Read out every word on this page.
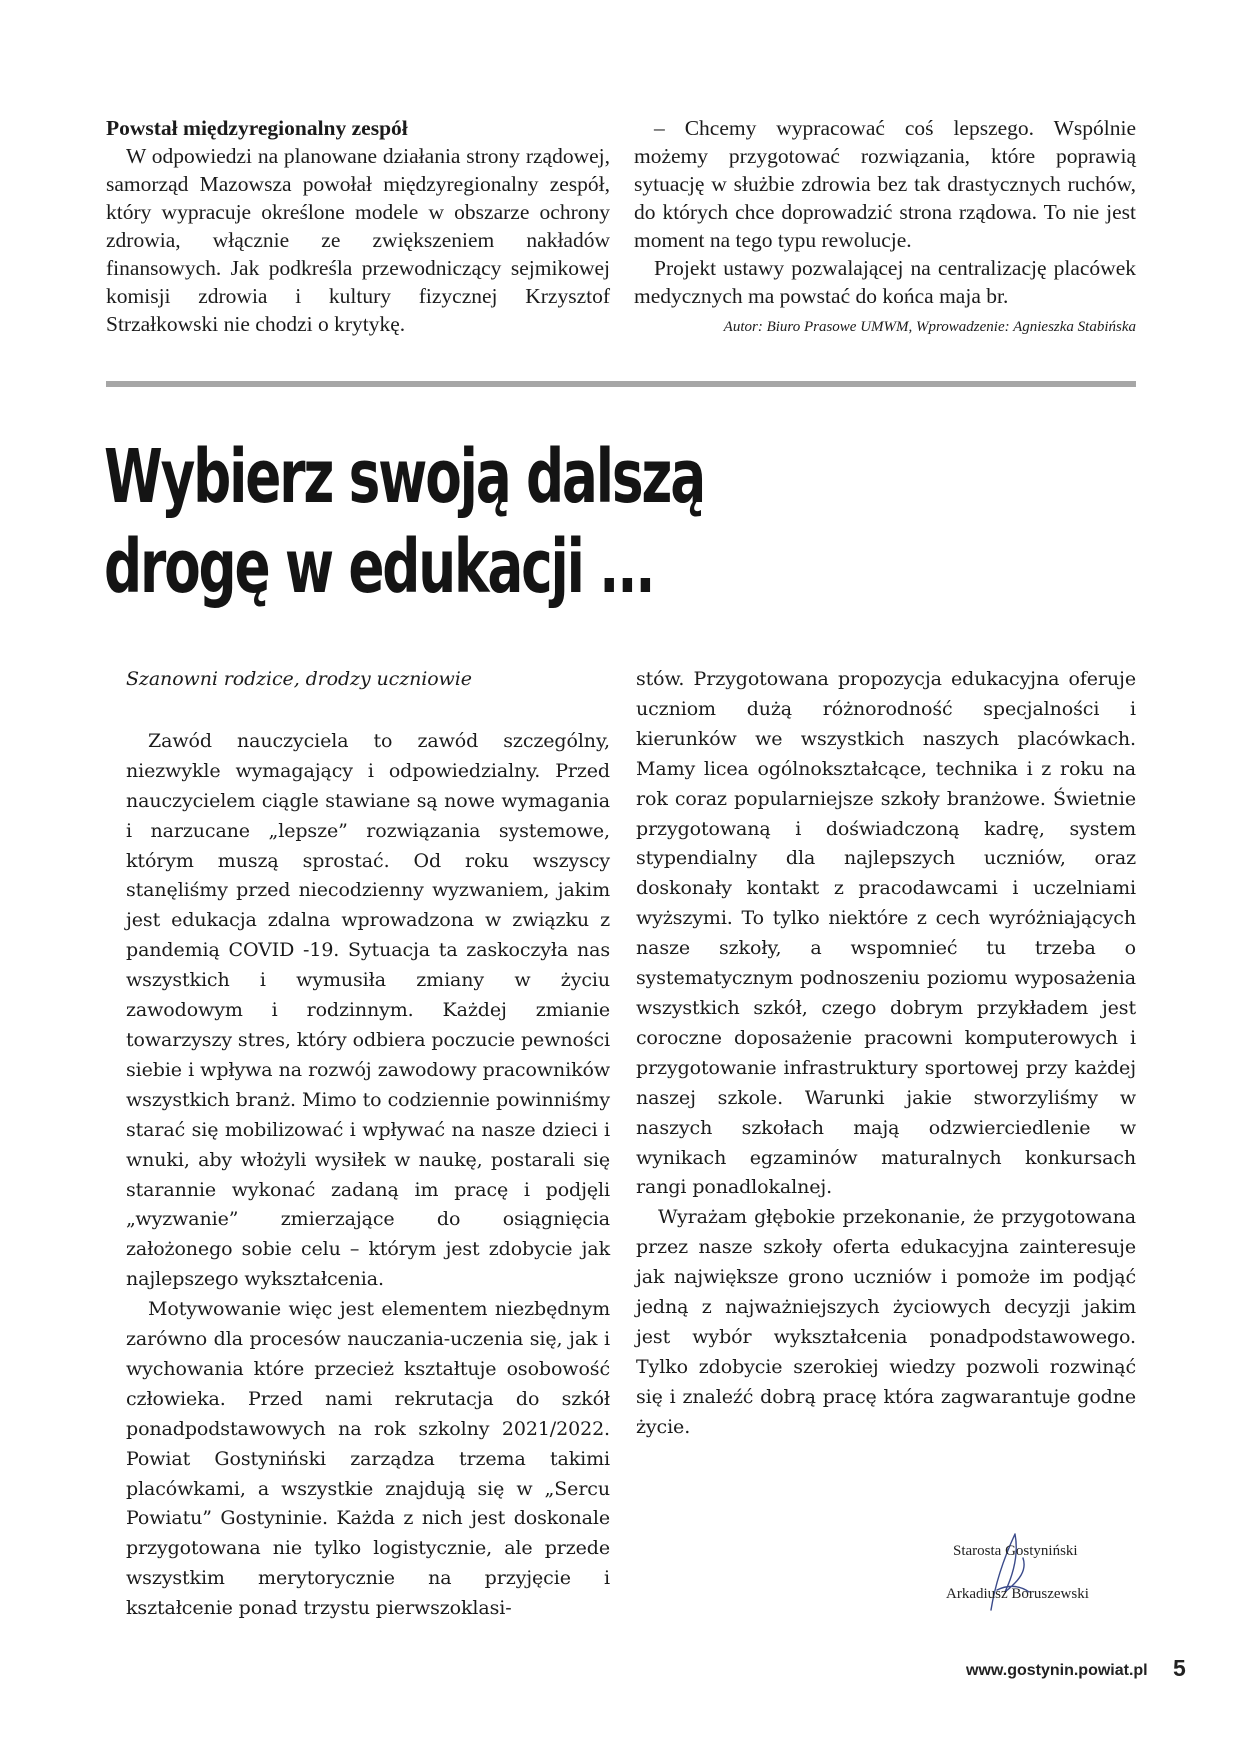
Powstał międzyregionalny zespół

W odpowiedzi na planowane działania strony rządowej, samorząd Mazowsza powołał międzyregionalny zespół, który wypracuje określone modele w obszarze ochrony zdrowia, włącznie ze zwiększeniem nakładów finansowych. Jak podkreśla przewodniczący sejmikowej komisji zdrowia i kultury fizycznej Krzysztof Strzałkowski nie chodzi o krytykę.

– Chcemy wypracować coś lepszego. Wspólnie możemy przygotować rozwiązania, które poprawią sytuację w służbie zdrowia bez tak drastycznych ruchów, do których chce doprowadzić strona rządowa. To nie jest moment na tego typu rewolucje.

Projekt ustawy pozwalającej na centralizację placówek medycznych ma powstać do końca maja br.

Autor: Biuro Prasowe UMWM, Wprowadzenie: Agnieszka Stabińska

Wybierz swoją dalszą
drogę w edukacji ...

Szanowni rodzice, drodzy uczniowie

Zawód nauczyciela to zawód szczególny, niezwykle wymagający i odpowiedzialny. Przed nauczycielem ciągle stawiane są nowe wymagania i narzucane „lepsze” rozwiązania systemowe, którym muszą sprostać. Od roku wszyscy stanęliśmy przed niecodzienny wyzwaniem, jakim jest edukacja zdalna wprowadzona w związku z pandemią COVID -19. Sytuacja ta zaskoczyła nas wszystkich i wymusiła zmiany w życiu zawodowym i rodzinnym. Każdej zmianie towarzyszy stres, który odbiera poczucie pewności siebie i wpływa na rozwój zawodowy pracowników wszystkich branż. Mimo to codziennie powinniśmy starać się mobilizować i wpływać na nasze dzieci i wnuki, aby włożyli wysiłek w naukę, postarali się starannie wykonać zadaną im pracę i podjęli „wyzwanie” zmierzające do osiągnięcia założonego sobie celu – którym jest zdobycie jak najlepszego wykształcenia.

Motywowanie więc jest elementem niezbędnym zarówno dla procesów nauczania-uczenia się, jak i wychowania które przecież kształtuje osobowość człowieka. Przed nami rekrutacja do szkół ponadpodstawowych na rok szkolny 2021/2022. Powiat Gostyniński zarządza trzema takimi placówkami, a wszystkie znajdują się w „Sercu Powiatu” Gostyninie. Każda z nich jest doskonale przygotowana nie tylko logistycznie, ale przede wszystkim merytorycznie na przyjęcie i kształcenie ponad trzystu pierwszoklasi-

stów. Przygotowana propozycja edukacyjna oferuje uczniom dużą różnorodność specjalności i kierunków we wszystkich naszych placówkach. Mamy licea ogólnokształcące, technika i z roku na rok coraz popularniejsze szkoły branżowe. Świetnie przygotowaną i doświadczoną kadrę, system stypendialny dla najlepszych uczniów, oraz doskonały kontakt z pracodawcami i uczelniami wyższymi. To tylko niektóre z cech wyróżniających nasze szkoły, a wspomnieć tu trzeba o systematycznym podnoszeniu poziomu wyposażenia wszystkich szkół, czego dobrym przykładem jest coroczne doposażenie pracowni komputerowych i przygotowanie infrastruktury sportowej przy każdej naszej szkole. Warunki jakie stworzyliśmy w naszych szkołach mają odzwierciedlenie w wynikach egzaminów maturalnych konkursach rangi ponadlokalnej.

Wyrażam głębokie przekonanie, że przygotowana przez nasze szkoły oferta edukacyjna zainteresuje jak największe grono uczniów i pomoże im podjąć jedną z najważniejszych życiowych decyzji jakim jest wybór wykształcenia ponadpodstawowego. Tylko zdobycie szerokiej wiedzy pozwoli rozwinąć się i znaleźć dobrą pracę która zagwarantuje godne życie.

Starosta Gostyniński
Arkadiusz Boruszewski
www.gostynin.powiat.pl 5
